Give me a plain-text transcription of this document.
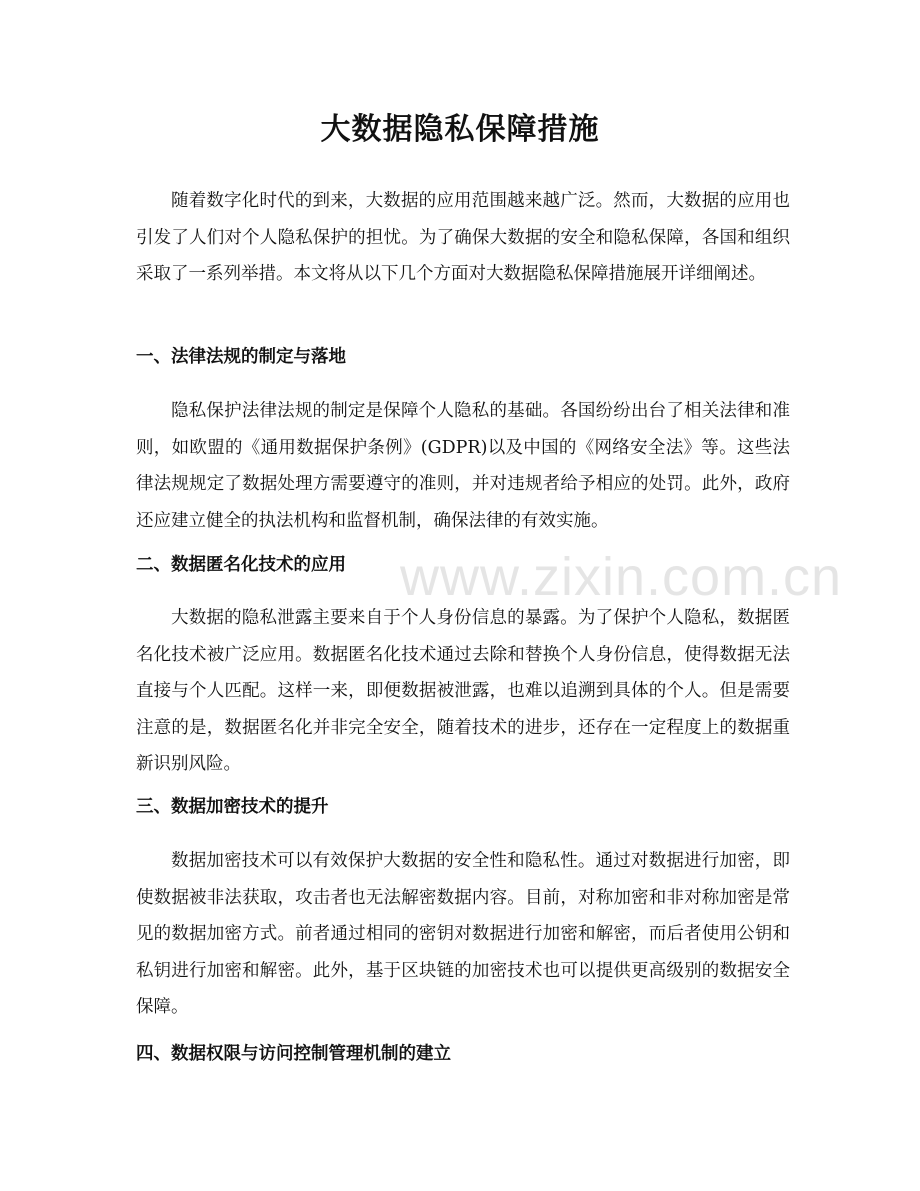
大数据隐私保障措施

随着数字化时代的到来，大数据的应用范围越来越广泛。然而，大数据的应用也引发了人们对个人隐私保护的担忧。为了确保大数据的安全和隐私保障，各国和组织采取了一系列举措。本文将从以下几个方面对大数据隐私保障措施展开详细阐述。

一、法律法规的制定与落地

隐私保护法律法规的制定是保障个人隐私的基础。各国纷纷出台了相关法律和准则，如欧盟的《通用数据保护条例》(GDPR)以及中国的《网络安全法》等。这些法律法规规定了数据处理方需要遵守的准则，并对违规者给予相应的处罚。此外，政府还应建立健全的执法机构和监督机制，确保法律的有效实施。

二、数据匿名化技术的应用

大数据的隐私泄露主要来自于个人身份信息的暴露。为了保护个人隐私，数据匿名化技术被广泛应用。数据匿名化技术通过去除和替换个人身份信息，使得数据无法直接与个人匹配。这样一来，即便数据被泄露，也难以追溯到具体的个人。但是需要注意的是，数据匿名化并非完全安全，随着技术的进步，还存在一定程度上的数据重新识别风险。

三、数据加密技术的提升

数据加密技术可以有效保护大数据的安全性和隐私性。通过对数据进行加密，即使数据被非法获取，攻击者也无法解密数据内容。目前，对称加密和非对称加密是常见的数据加密方式。前者通过相同的密钥对数据进行加密和解密，而后者使用公钥和私钥进行加密和解密。此外，基于区块链的加密技术也可以提供更高级别的数据安全保障。

四、数据权限与访问控制管理机制的建立
www.zixin.com.cn
